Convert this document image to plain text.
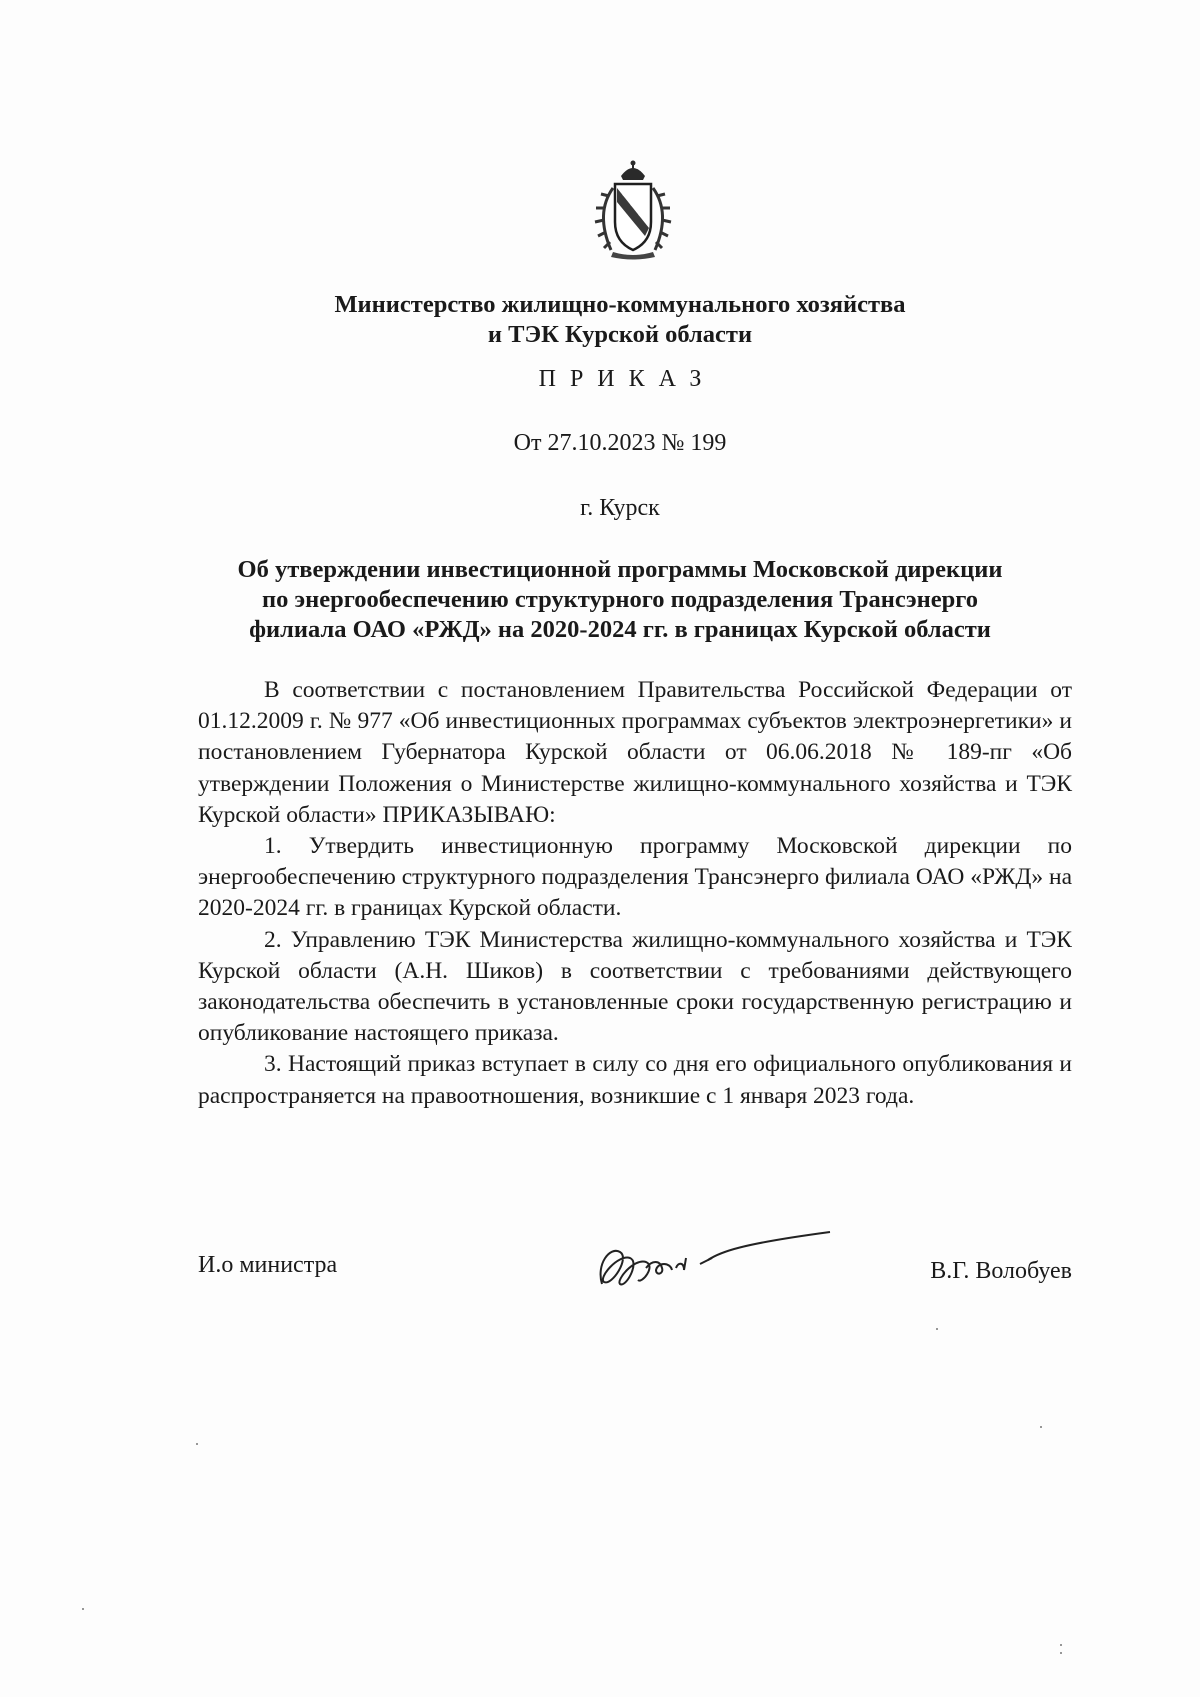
Министерство жилищно-коммунального хозяйства
и ТЭК Курской области
ПРИКАЗ
От 27.10.2023 № 199
г. Курск
Об утверждении инвестиционной программы Московской дирекции
по энергообеспечению структурного подразделения Трансэнерго
филиала ОАО «РЖД» на 2020-2024 гг. в границах Курской области

В соответствии с постановлением Правительства Российской Федерации от 01.12.2009 г. № 977 «Об инвестиционных программах субъектов электроэнергетики» и постановлением Губернатора Курской области от 06.06.2018 № 189-пг «Об утверждении Положения о Министерстве жилищно-коммунального хозяйства и ТЭК Курской области» ПРИКАЗЫВАЮ:

1. Утвердить инвестиционную программу Московской дирекции по энергообеспечению структурного подразделения Трансэнерго филиала ОАО «РЖД» на 2020-2024 гг. в границах Курской области.

2. Управлению ТЭК Министерства жилищно-коммунального хозяйства и ТЭК Курской области (А.Н. Шиков) в соответствии с требованиями действующего законодательства обеспечить в установленные сроки государственную регистрацию и опубликование настоящего приказа.

3. Настоящий приказ вступает в силу со дня его официального опубликования и распространяется на правоотношения, возникшие с 1 января 2023 года.

И.о министра	В.Г. Волобуев
